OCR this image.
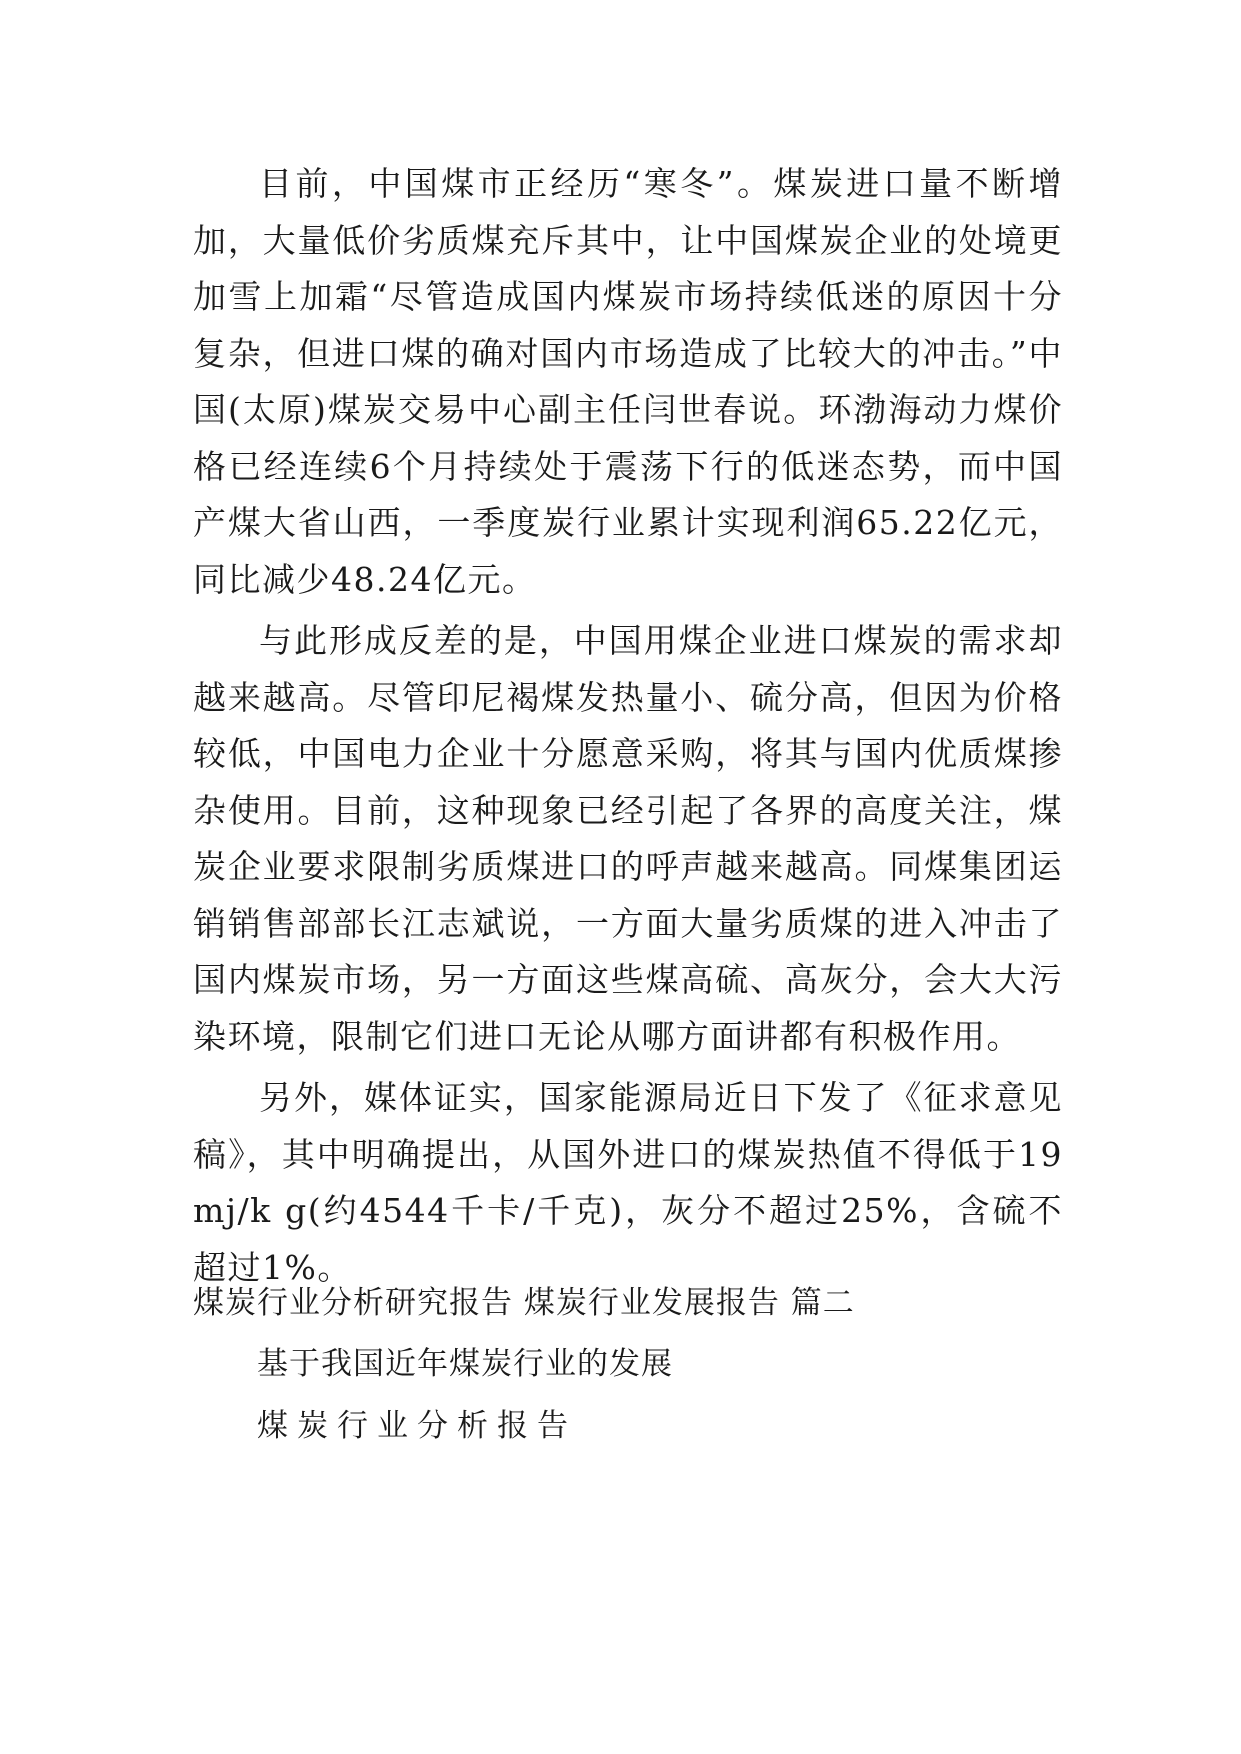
目前，中国煤市正经历“寒冬”。煤炭进口量不断增加，大量低价劣质煤充斥其中，让中国煤炭企业的处境更加雪上加霜“尽管造成国内煤炭市场持续低迷的原因十分复杂，但进口煤的确对国内市场造成了比较大的冲击。”中国(太原)煤炭交易中心副主任闫世春说。环渤海动力煤价格已经连续6个月持续处于震荡下行的低迷态势，而中国产煤大省山西，一季度炭行业累计实现利润65.22亿元，同比减少48.24亿元。

与此形成反差的是，中国用煤企业进口煤炭的需求却越来越高。尽管印尼褐煤发热量小、硫分高，但因为价格较低，中国电力企业十分愿意采购，将其与国内优质煤掺杂使用。目前，这种现象已经引起了各界的高度关注，煤炭企业要求限制劣质煤进口的呼声越来越高。同煤集团运销销售部部长江志斌说，一方面大量劣质煤的进入冲击了国内煤炭市场，另一方面这些煤高硫、高灰分，会大大污染环境，限制它们进口无论从哪方面讲都有积极作用。

另外，媒体证实，国家能源局近日下发了《征求意见稿》，其中明确提出，从国外进口的煤炭热值不得低于19mj/k g(约4544千卡/千克)，灰分不超过25%，含硫不超过1%。

煤炭行业分析研究报告 煤炭行业发展报告 篇二
基于我国近年煤炭行业的发展
煤炭行业分析报告
